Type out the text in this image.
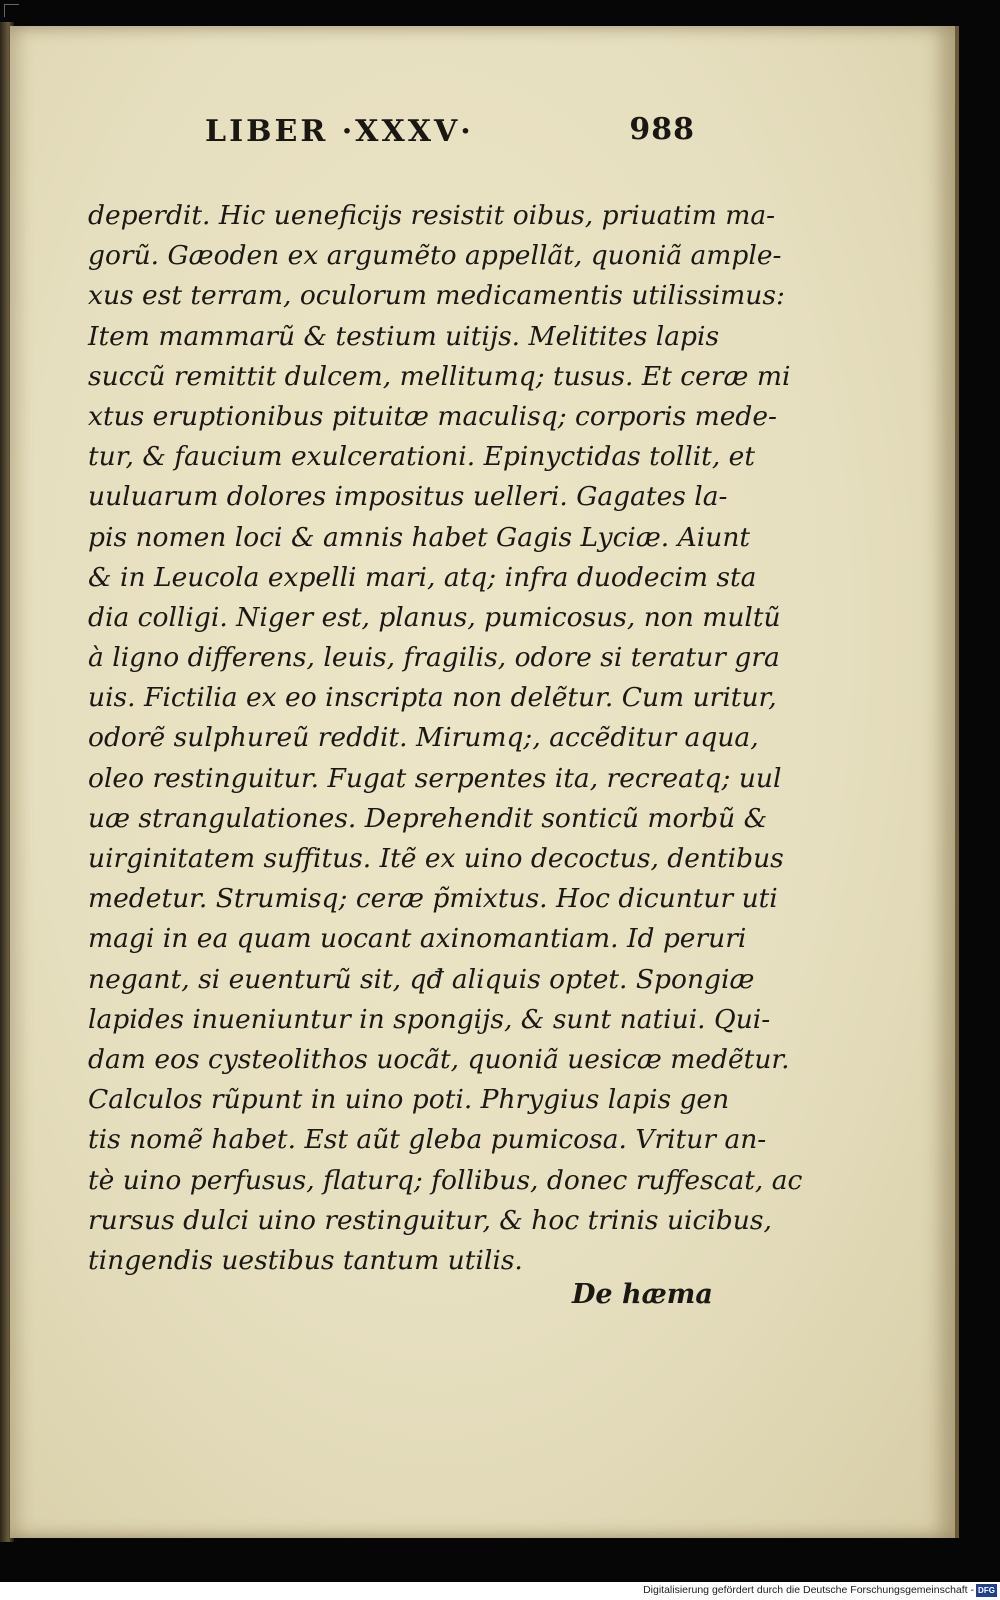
LIBER ·XXXV·	988
deperdit. Hic ueneficijs resistit oibus, priuatim ma-
gorũ. Gæoden ex argumẽto appellãt, quoniã ample-
xus est terram, oculorum medicamentis utilissimus:
Item mammarũ & testium uitijs. Melitites lapis
succũ remittit dulcem, mellitumq; tusus. Et ceræ mi
xtus eruptionibus pituitæ maculisq; corporis mede-
tur, & faucium exulcerationi. Epinyctidas tollit, et
uuluarum dolores impositus uelleri. Gagates la-
pis nomen loci & amnis habet Gagis Lyciæ. Aiunt
& in Leucola expelli mari, atq; infra duodecim sta
dia colligi. Niger est, planus, pumicosus, non multũ
à ligno differens, leuis, fragilis, odore si teratur gra
uis. Fictilia ex eo inscripta non delẽtur. Cum uritur,
odorẽ sulphureũ reddit. Mirumq;, accẽditur aqua,
oleo restinguitur. Fugat serpentes ita, recreatq; uul
uæ strangulationes. Deprehendit sonticũ morbũ &
uirginitatem suffitus. Itẽ ex uino decoctus, dentibus
medetur. Strumisq; ceræ p̃mixtus. Hoc dicuntur uti
magi in ea quam uocant axinomantiam. Id peruri
negant, si euenturũ sit, qđ aliquis optet. Spongiæ
lapides inueniuntur in spongijs, & sunt natiui. Qui-
dam eos cysteolithos uocãt, quoniã uesicæ medẽtur.
Calculos rũpunt in uino poti. Phrygius lapis gen
tis nomẽ habet. Est aũt gleba pumicosa. Vritur an-
tè uino perfusus, flaturq; follibus, donec ruffescat, ac
rursus dulci uino restinguitur, & hoc trinis uicibus,
tingendis uestibus tantum utilis.
De hæma
Digitalisierung gefördert durch die Deutsche Forschungsgemeinschaft - DFG
